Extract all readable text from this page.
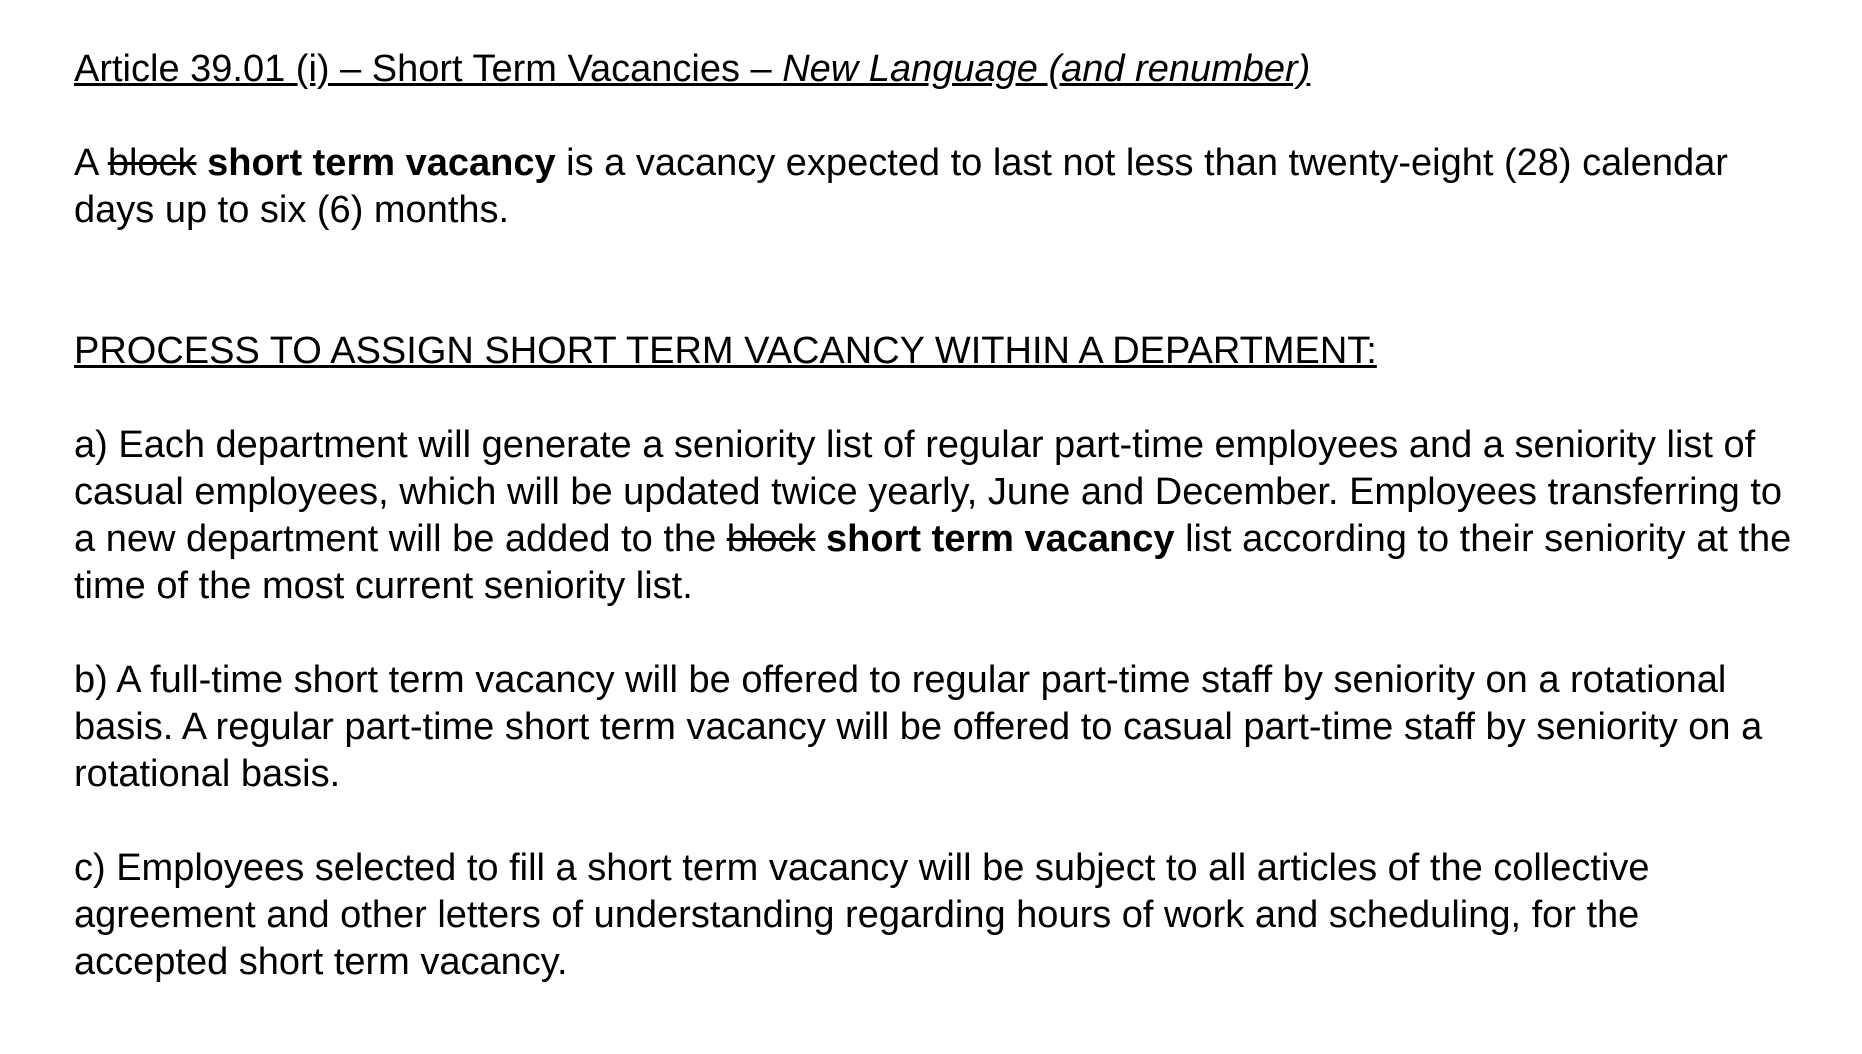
Article 39.01 (i) – Short Term Vacancies – New Language (and renumber)

A block short term vacancy is a vacancy expected to last not less than twenty-eight (28) calendar days up to six (6) months.

PROCESS TO ASSIGN SHORT TERM VACANCY WITHIN A DEPARTMENT:

a) Each department will generate a seniority list of regular part-time employees and a seniority list of casual employees, which will be updated twice yearly, June and December. Employees transferring to a new department will be added to the block short term vacancy list according to their seniority at the time of the most current seniority list.

b) A full-time short term vacancy will be offered to regular part-time staff by seniority on a rotational basis. A regular part-time short term vacancy will be offered to casual part-time staff by seniority on a rotational basis.

c) Employees selected to fill a short term vacancy will be subject to all articles of the collective agreement and other letters of understanding regarding hours of work and scheduling, for the accepted short term vacancy.
